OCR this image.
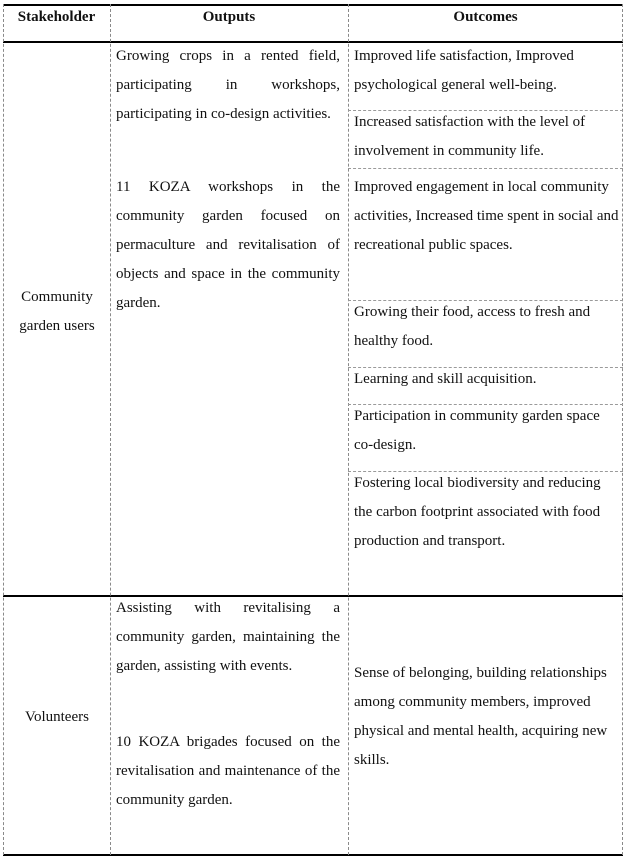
Stakeholder	Outputs	Outcomes
Community garden users
Growing crops in a rented field, participating in workshops, participating in co-design activities.
11 KOZA workshops in the community garden focused on permaculture and revitalisation of objects and space in the community garden.
Improved life satisfaction, Improved psychological general well-being.
Increased satisfaction with the level of involvement in community life.
Improved engagement in local community activities, Increased time spent in social and recreational public spaces.
Growing their food, access to fresh and healthy food.
Learning and skill acquisition.
Participation in community garden space co-design.
Fostering local biodiversity and reducing the carbon footprint associated with food production and transport.
Volunteers
Assisting with revitalising a community garden, maintaining the garden, assisting with events.
10 KOZA brigades focused on the revitalisation and maintenance of the community garden.
Sense of belonging, building relationships among community members, improved physical and mental health, acquiring new skills.
